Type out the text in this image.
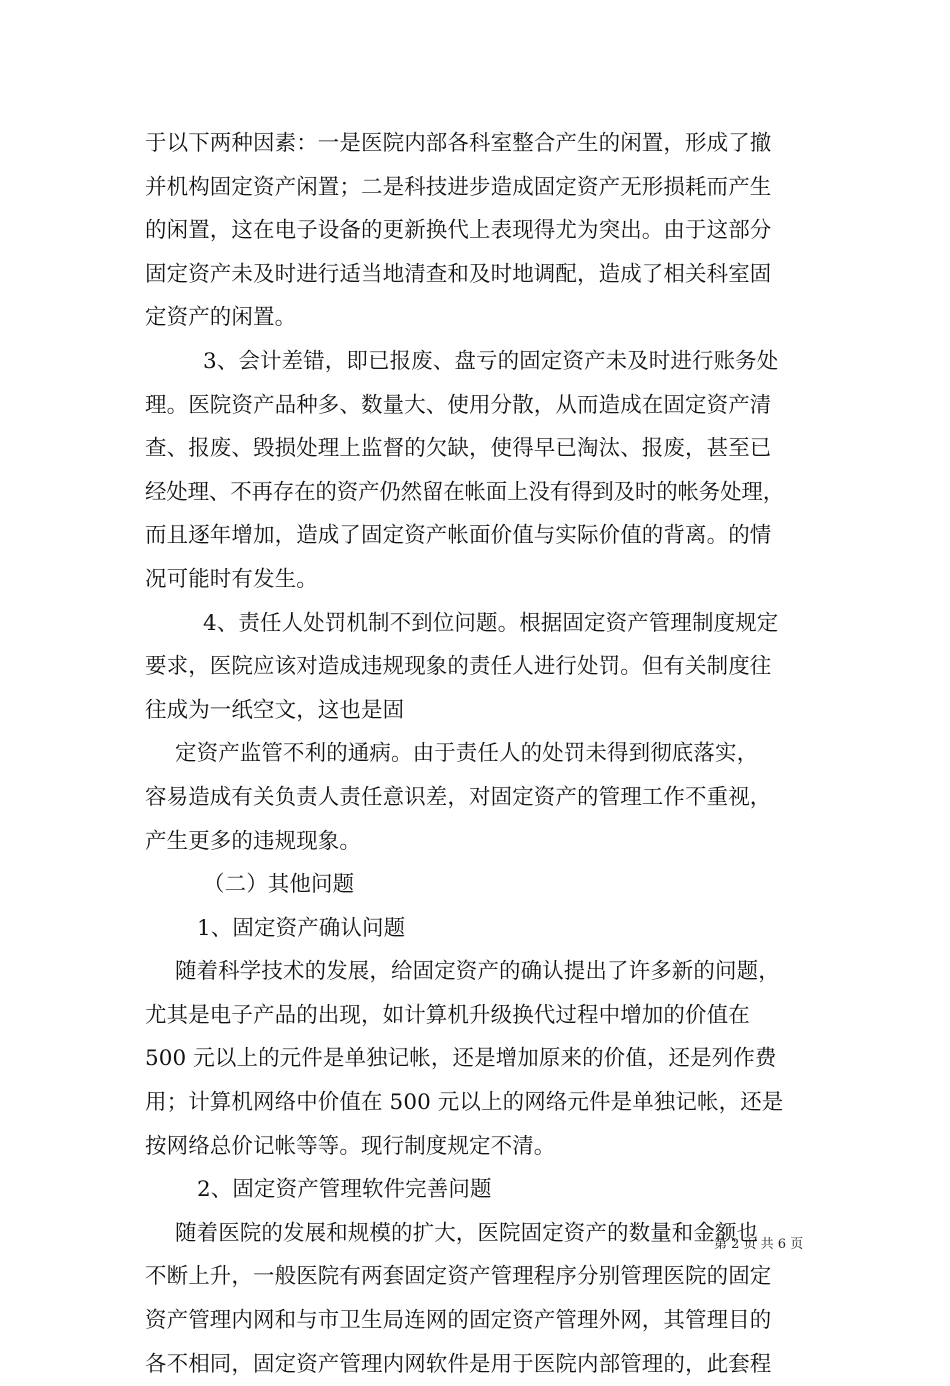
于以下两种因素：一是医院内部各科室整合产生的闲置，形成了撤
并机构固定资产闲置；二是科技进步造成固定资产无形损耗而产生
的闲置，这在电子设备的更新换代上表现得尤为突出。由于这部分
固定资产未及时进行适当地清查和及时地调配，造成了相关科室固
定资产的闲置。
3、会计差错，即已报废、盘亏的固定资产未及时进行账务处
理。医院资产品种多、数量大、使用分散，从而造成在固定资产清
查、报废、毁损处理上监督的欠缺，使得早已淘汰、报废，甚至已
经处理、不再存在的资产仍然留在帐面上没有得到及时的帐务处理，
而且逐年增加，造成了固定资产帐面价值与实际价值的背离。的情
况可能时有发生。
4、责任人处罚机制不到位问题。根据固定资产管理制度规定
要求，医院应该对造成违规现象的责任人进行处罚。但有关制度往
往成为一纸空文，这也是固
定资产监管不利的通病。由于责任人的处罚未得到彻底落实，
容易造成有关负责人责任意识差，对固定资产的管理工作不重视，
产生更多的违规现象。
（二）其他问题
1、固定资产确认问题
随着科学技术的发展，给固定资产的确认提出了许多新的问题，
尤其是电子产品的出现，如计算机升级换代过程中增加的价值在
500 元以上的元件是单独记帐，还是增加原来的价值，还是列作费
用；计算机网络中价值在 500 元以上的网络元件是单独记帐，还是
按网络总价记帐等等。现行制度规定不清。
2、固定资产管理软件完善问题
随着医院的发展和规模的扩大，医院固定资产的数量和金额也
不断上升，一般医院有两套固定资产管理程序分别管理医院的固定
资产管理内网和与市卫生局连网的固定资产管理外网，其管理目的
各不相同，固定资产管理内网软件是用于医院内部管理的，此套程
第 2 页 共 6 页
